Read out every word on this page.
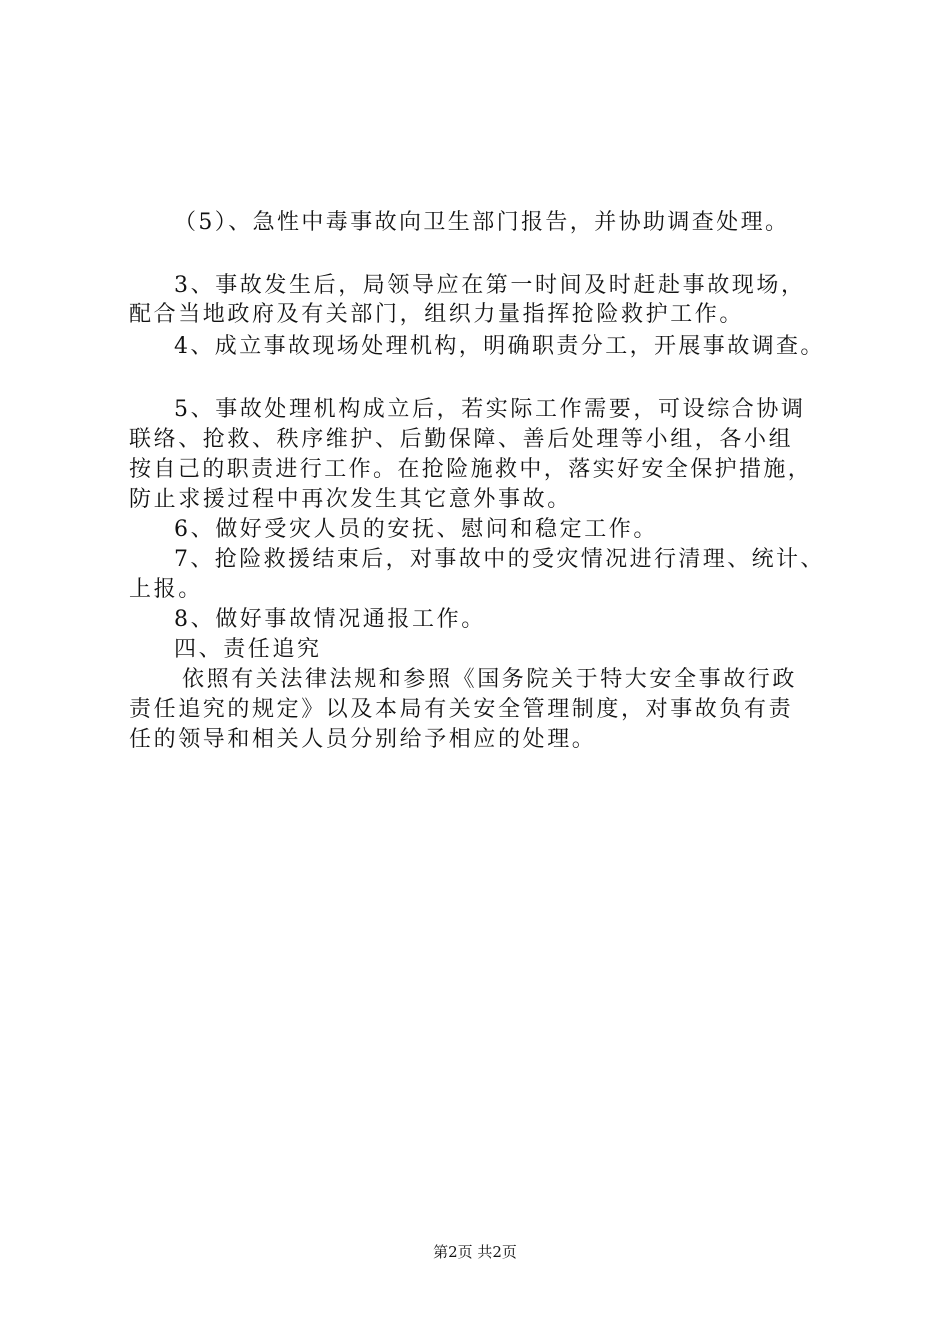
（5）、急性中毒事故向卫生部门报告，并协助调查处理。
3、事故发生后，局领导应在第一时间及时赶赴事故现场，
配合当地政府及有关部门，组织力量指挥抢险救护工作。
4、成立事故现场处理机构，明确职责分工，开展事故调查。
5、事故处理机构成立后，若实际工作需要，可设综合协调
联络、抢救、秩序维护、后勤保障、善后处理等小组，各小组
按自己的职责进行工作。在抢险施救中，落实好安全保护措施，
防止求援过程中再次发生其它意外事故。
6、做好受灾人员的安抚、慰问和稳定工作。
7、抢险救援结束后，对事故中的受灾情况进行清理、统计、
上报。
8、做好事故情况通报工作。
四、责任追究
依照有关法律法规和参照《国务院关于特大安全事故行政
责任追究的规定》以及本局有关安全管理制度，对事故负有责
任的领导和相关人员分别给予相应的处理。
第2页 共2页
